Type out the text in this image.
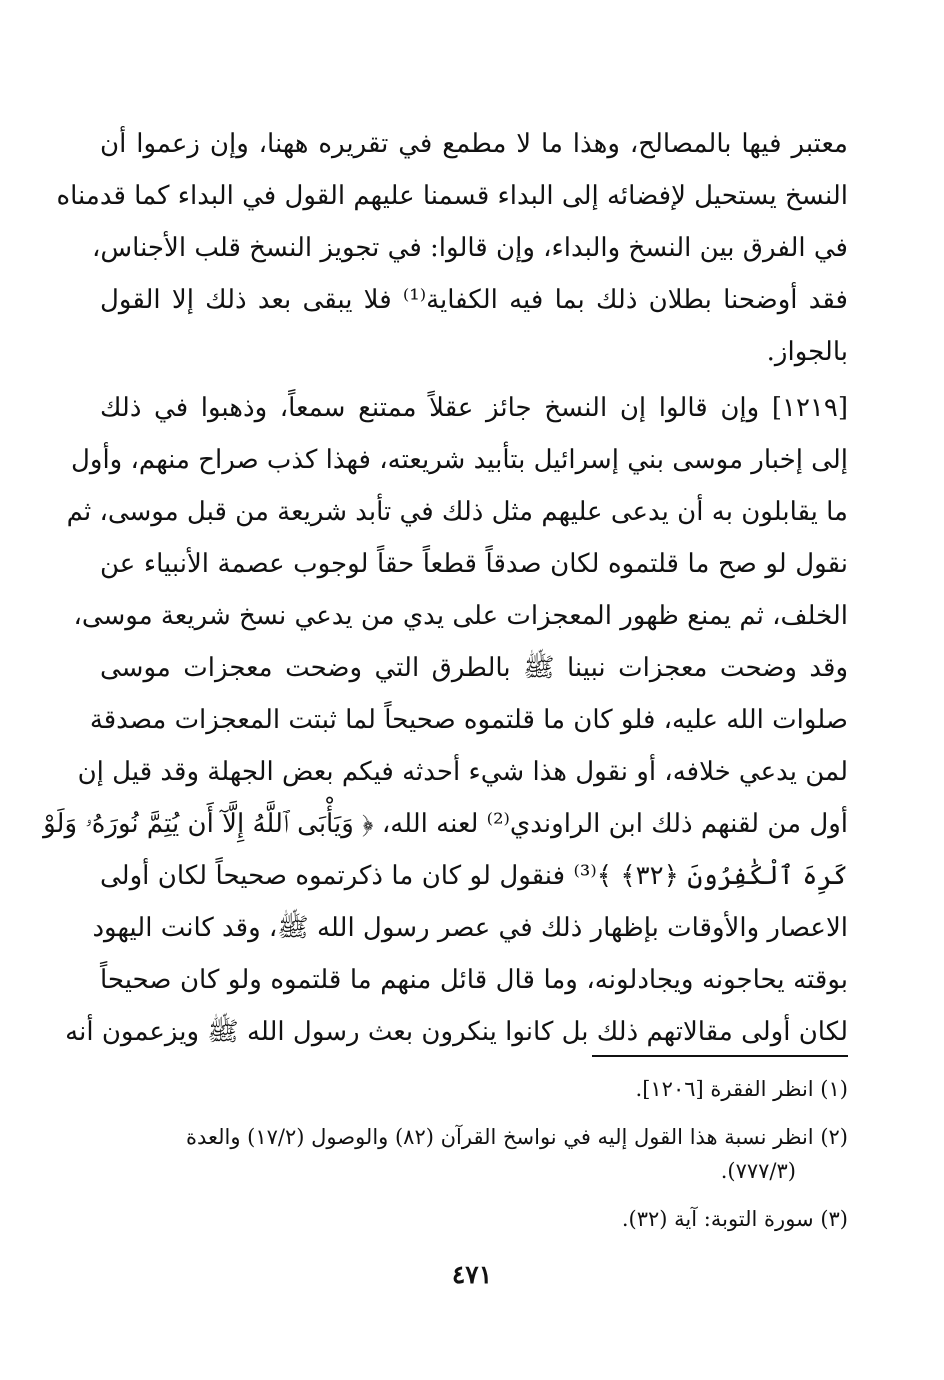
معتبر فيها بالمصالح، وهذا ما لا مطمع في تقريره ههنا، وإن زعموا أن
النسخ يستحيل لإفضائه إلى البداء قسمنا عليهم القول في البداء كما قدمناه
في الفرق بين النسخ والبداء، وإن قالوا: في تجويز النسخ قلب الأجناس،
فقد أوضحنا بطلان ذلك بما فيه الكفاية⁽¹⁾ فلا يبقى بعد ذلك إلا القول
بالجواز.
[١٢١٩] وإن قالوا إن النسخ جائز عقلاً ممتنع سمعاً، وذهبوا في ذلك
إلى إخبار موسى بني إسرائيل بتأبيد شريعته، فهذا كذب صراح منهم، وأول
ما يقابلون به أن يدعى عليهم مثل ذلك في تأبد شريعة من قبل موسى، ثم
نقول لو صح ما قلتموه لكان صدقاً قطعاً حقاً لوجوب عصمة الأنبياء عن
الخلف، ثم يمنع ظهور المعجزات على يدي من يدعي نسخ شريعة موسى،
وقد وضحت معجزات نبينا ﷺ بالطرق التي وضحت معجزات موسى
صلوات الله عليه، فلو كان ما قلتموه صحيحاً لما ثبتت المعجزات مصدقة
لمن يدعي خلافه، أو نقول هذا شيء أحدثه فيكم بعض الجهلة وقد قيل إن
أول من لقنهم ذلك ابن الراوندي⁽²⁾ لعنه الله، ﴿ وَيَأْبَى ٱللَّهُ إِلَّآ أَن يُتِمَّ نُورَهُۥ وَلَوْ
كَرِهَ ٱلْكَٰفِرُونَ ﴿٣٢﴾ ﴾⁽³⁾ فنقول لو كان ما ذكرتموه صحيحاً لكان أولى
الاعصار والأوقات بإظهار ذلك في عصر رسول الله ﷺ، وقد كانت اليهود
بوقته يحاجونه ويجادلونه، وما قال قائل منهم ما قلتموه ولو كان صحيحاً
لكان أولى مقالاتهم ذلك بل كانوا ينكرون بعث رسول الله ﷺ ويزعمون أنه
(١) انظر الفقرة [١٢٠٦].
(٢) انظر نسبة هذا القول إليه في نواسخ القرآن (٨٢) والوصول (١٧/٢) والعدة
(٧٧٧/٣).
(٣) سورة التوبة: آية (٣٢).
٤٧١
